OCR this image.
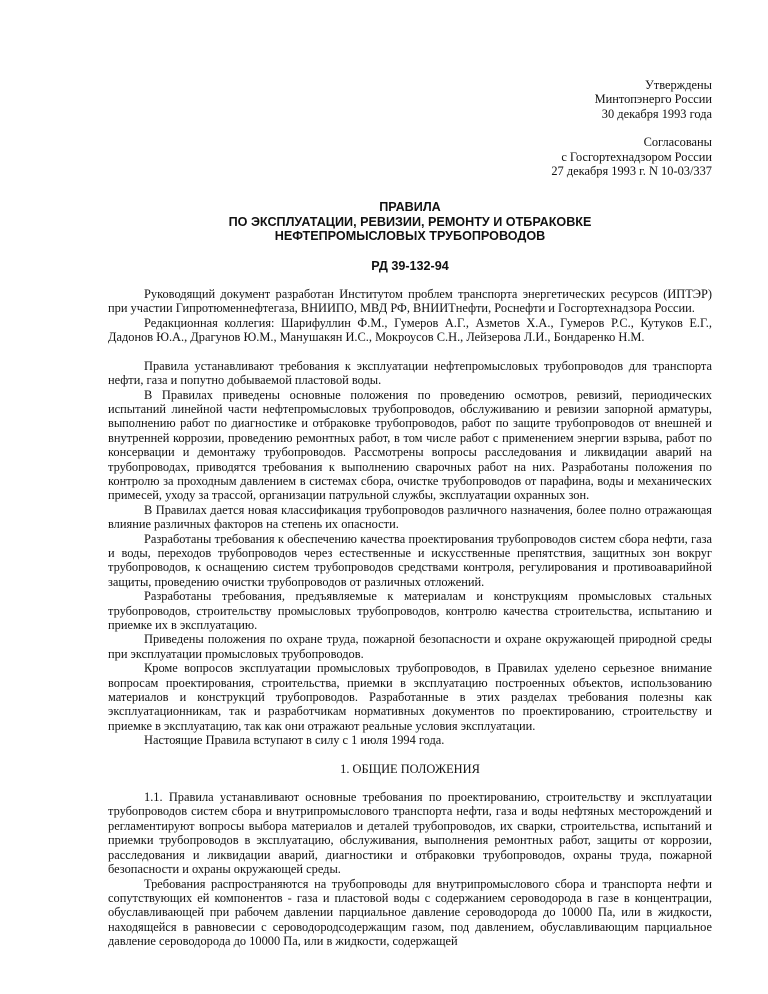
Утверждены
Минтопэнерго России
30 декабря 1993 года
Согласованы
с Госгортехнадзором России
27 декабря 1993 г. N 10-03/337
ПРАВИЛА
ПО ЭКСПЛУАТАЦИИ, РЕВИЗИИ, РЕМОНТУ И ОТБРАКОВКЕ
НЕФТЕПРОМЫСЛОВЫХ ТРУБОПРОВОДОВ
РД 39-132-94

Руководящий документ разработан Институтом проблем транспорта энергетических ресурсов (ИПТЭР) при участии Гипротюменнефтегаза, ВНИИПО, МВД РФ, ВНИИТнефти, Роснефти и Госгортехнадзора России.

Редакционная коллегия: Шарифуллин Ф.М., Гумеров А.Г., Азметов Х.А., Гумеров Р.С., Кутуков Е.Г., Дадонов Ю.А., Драгунов Ю.М., Манушакян И.С., Мокроусов С.Н., Лейзерова Л.И., Бондаренко Н.М.

Правила устанавливают требования к эксплуатации нефтепромысловых трубопроводов для транспорта нефти, газа и попутно добываемой пластовой воды.

В Правилах приведены основные положения по проведению осмотров, ревизий, периодических испытаний линейной части нефтепромысловых трубопроводов, обслуживанию и ревизии запорной арматуры, выполнению работ по диагностике и отбраковке трубопроводов, работ по защите трубопроводов от внешней и внутренней коррозии, проведению ремонтных работ, в том числе работ с применением энергии взрыва, работ по консервации и демонтажу трубопроводов. Рассмотрены вопросы расследования и ликвидации аварий на трубопроводах, приводятся требования к выполнению сварочных работ на них. Разработаны положения по контролю за проходным давлением в системах сбора, очистке трубопроводов от парафина, воды и механических примесей, уходу за трассой, организации патрульной службы, эксплуатации охранных зон.

В Правилах дается новая классификация трубопроводов различного назначения, более полно отражающая влияние различных факторов на степень их опасности.

Разработаны требования к обеспечению качества проектирования трубопроводов систем сбора нефти, газа и воды, переходов трубопроводов через естественные и искусственные препятствия, защитных зон вокруг трубопроводов, к оснащению систем трубопроводов средствами контроля, регулирования и противоаварийной защиты, проведению очистки трубопроводов от различных отложений.

Разработаны требования, предъявляемые к материалам и конструкциям промысловых стальных трубопроводов, строительству промысловых трубопроводов, контролю качества строительства, испытанию и приемке их в эксплуатацию.

Приведены положения по охране труда, пожарной безопасности и охране окружающей природной среды при эксплуатации промысловых трубопроводов.

Кроме вопросов эксплуатации промысловых трубопроводов, в Правилах уделено серьезное внимание вопросам проектирования, строительства, приемки в эксплуатацию построенных объектов, использованию материалов и конструкций трубопроводов. Разработанные в этих разделах требования полезны как эксплуатационникам, так и разработчикам нормативных документов по проектированию, строительству и приемке в эксплуатацию, так как они отражают реальные условия эксплуатации.

Настоящие Правила вступают в силу с 1 июля 1994 года.

1. ОБЩИЕ ПОЛОЖЕНИЯ

1.1. Правила устанавливают основные требования по проектированию, строительству и эксплуатации трубопроводов систем сбора и внутрипромыслового транспорта нефти, газа и воды нефтяных месторождений и регламентируют вопросы выбора материалов и деталей трубопроводов, их сварки, строительства, испытаний и приемки трубопроводов в эксплуатацию, обслуживания, выполнения ремонтных работ, защиты от коррозии, расследования и ликвидации аварий, диагностики и отбраковки трубопроводов, охраны труда, пожарной безопасности и охраны окружающей среды.

Требования распространяются на трубопроводы для внутрипромыслового сбора и транспорта нефти и сопутствующих ей компонентов - газа и пластовой воды с содержанием сероводорода в газе в концентрации, обуславливающей при рабочем давлении парциальное давление сероводорода до 10000 Па, или в жидкости, находящейся в равновесии с сероводородсодержащим газом, под давлением, обуславливающим парциальное давление сероводорода до 10000 Па, или в жидкости, содержащей
